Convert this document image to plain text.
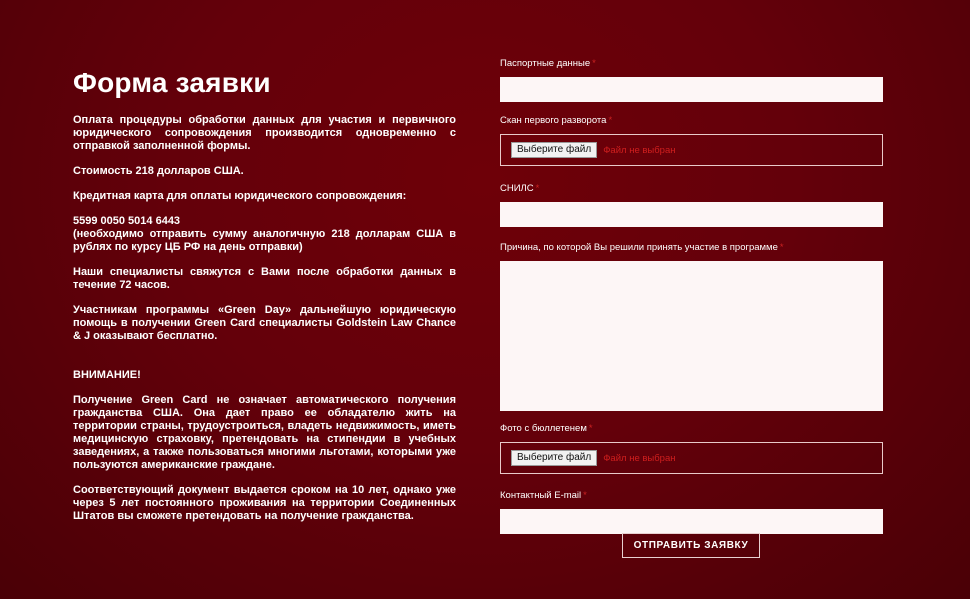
Форма заявки

Оплата процедуры обработки данных для участия и первичного юридического сопровождения производится одновременно с отправкой заполненной формы.

Стоимость 218 долларов США.

Кредитная карта для оплаты юридического сопровождения:

5599 0050 5014 6443
(необходимо отправить сумму аналогичную 218 долларам США в рублях по курсу ЦБ РФ на день отправки)

Наши специалисты свяжутся с Вами после обработки данных в течение 72 часов.

Участникам программы «Green Day» дальнейшую юридическую помощь в получении Green Card специалисты Goldstein Law Chance & J оказывают бесплатно.

ВНИМАНИЕ!

Получение Green Card не означает автоматического получения гражданства США. Она дает право ее обладателю жить на территории страны, трудоустроиться, владеть недвижимость, иметь медицинскую страховку, претендовать на стипендии в учебных заведениях, а также пользоваться многими льготами, которыми уже пользуются американские граждане.

Соответствующий документ выдается сроком на 10 лет, однако уже через 5 лет постоянного проживания на территории Соединенных Штатов вы сможете претендовать на получение гражданства.

Паспортные данные *
Скан первого разворота *
Выберите файл	Файл не выбран
СНИЛС *
Причина, по которой Вы решили принять участие в программе *
Фото с бюллетенем *
Выберите файл	Файл не выбран
Контактный E-mail *
ОТПРАВИТЬ ЗАЯВКУ
